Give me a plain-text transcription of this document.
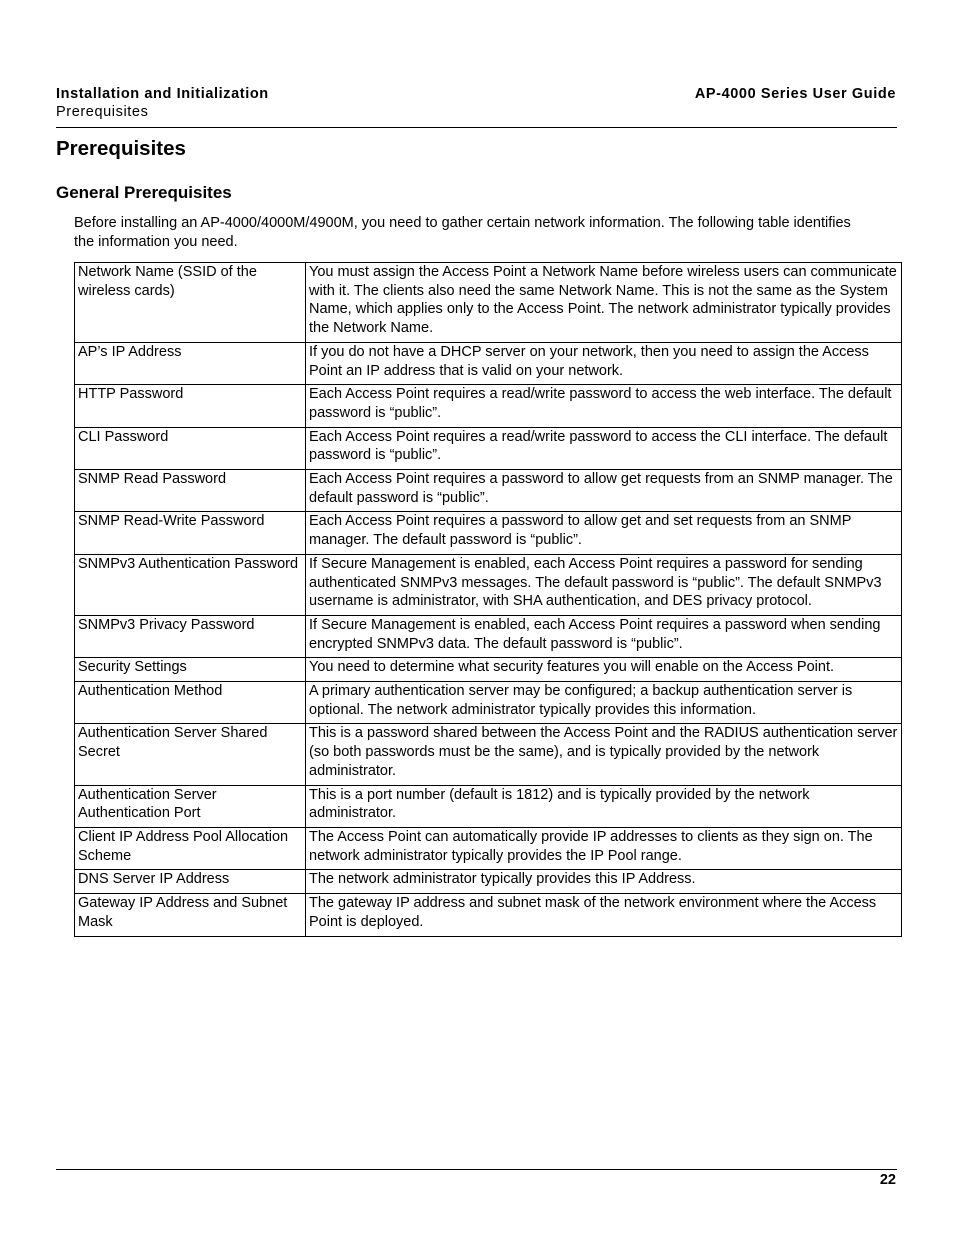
Installation and Initialization
Prerequisites
AP-4000 Series User Guide
Prerequisites
General Prerequisites

Before installing an AP-4000/4000M/4900M, you need to gather certain network information. The following table identifies the information you need.

Network Name (SSID of the wireless cards)	You must assign the Access Point a Network Name before wireless users can communicate with it. The clients also need the same Network Name. This is not the same as the System Name, which applies only to the Access Point. The network administrator typically provides the Network Name.
AP’s IP Address	If you do not have a DHCP server on your network, then you need to assign the Access Point an IP address that is valid on your network.
HTTP Password	Each Access Point requires a read/write password to access the web interface. The default password is “public”.
CLI Password	Each Access Point requires a read/write password to access the CLI interface. The default password is “public”.
SNMP Read Password	Each Access Point requires a password to allow get requests from an SNMP manager. The default password is “public”.
SNMP Read-Write Password	Each Access Point requires a password to allow get and set requests from an SNMP manager. The default password is “public”.
SNMPv3 Authentication Password	If Secure Management is enabled, each Access Point requires a password for sending authenticated SNMPv3 messages. The default password is “public”. The default SNMPv3 username is administrator, with SHA authentication, and DES privacy protocol.
SNMPv3 Privacy Password	If Secure Management is enabled, each Access Point requires a password when sending encrypted SNMPv3 data. The default password is “public”.
Security Settings	You need to determine what security features you will enable on the Access Point.
Authentication Method	A primary authentication server may be configured; a backup authentication server is optional. The network administrator typically provides this information.
Authentication Server Shared Secret	This is a password shared between the Access Point and the RADIUS authentication server (so both passwords must be the same), and is typically provided by the network administrator.
Authentication Server Authentication Port	This is a port number (default is 1812) and is typically provided by the network administrator.
Client IP Address Pool Allocation Scheme	The Access Point can automatically provide IP addresses to clients as they sign on. The network administrator typically provides the IP Pool range.
DNS Server IP Address	The network administrator typically provides this IP Address.
Gateway IP Address and Subnet Mask	The gateway IP address and subnet mask of the network environment where the Access Point is deployed.
22
